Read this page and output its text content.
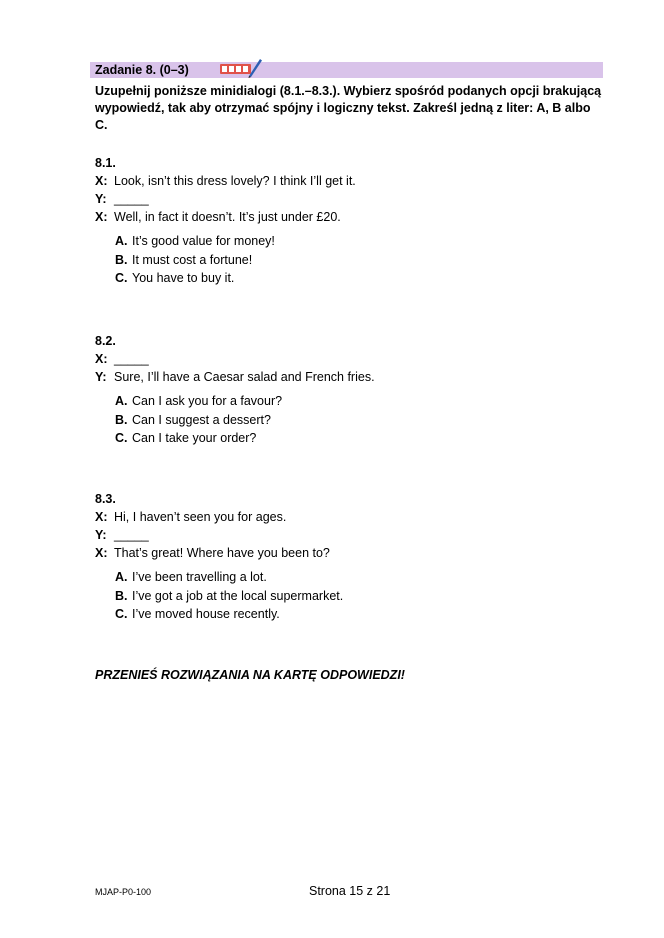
Zadanie 8. (0–3)
Uzupełnij poniższe minidialogi (8.1.–8.3.). Wybierz spośród podanych opcji brakującą wypowiedź, tak aby otrzymać spójny i logiczny tekst. Zakreśl jedną z liter: A, B albo C.
8.1.
X: Look, isn’t this dress lovely? I think I’ll get it.
Y: _____
X: Well, in fact it doesn’t. It’s just under £20.
A. It’s good value for money!
B. It must cost a fortune!
C. You have to buy it.
8.2.
X: _____
Y: Sure, I’ll have a Caesar salad and French fries.
A. Can I ask you for a favour?
B. Can I suggest a dessert?
C. Can I take your order?
8.3.
X: Hi, I haven’t seen you for ages.
Y: _____
X: That’s great! Where have you been to?
A. I’ve been travelling a lot.
B. I’ve got a job at the local supermarket.
C. I’ve moved house recently.
PRZENIEŚ ROZWIĄZANIA NA KARTĘ ODPOWIEDZI!
MJAP-P0-100	Strona 15 z 21
